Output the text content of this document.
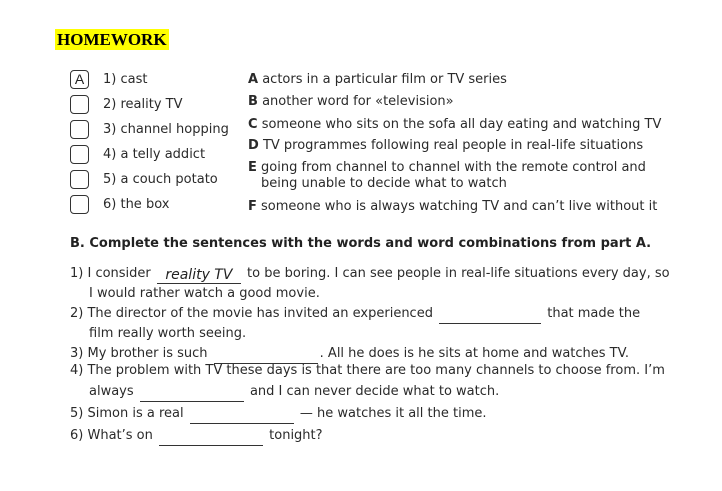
HOMEWORK
A	1) cast
2) reality TV
3) channel hopping
4) a telly addict
5) a couch potato
6) the box
A actors in a particular film or TV series
B another word for «television»
C someone who sits on the sofa all day eating and watching TV
D TV programmes following real people in real-life situations
E going from channel to channel with the remote control and
being unable to decide what to watch
F someone who is always watching TV and can’t live without it
B. Complete the sentences with the words and word combinations from part A.
1) I consider reality TV to be boring. I can see people in real-life situations every day, so
I would rather watch a good movie.
2) The director of the movie has invited an experienced	that made the
film really worth seeing.
3) My brother is such	. All he does is he sits at home and watches TV.
4) The problem with TV these days is that there are too many channels to choose from. I’m
always	and I can never decide what to watch.
5) Simon is a real	— he watches it all the time.
6) What’s on	tonight?
